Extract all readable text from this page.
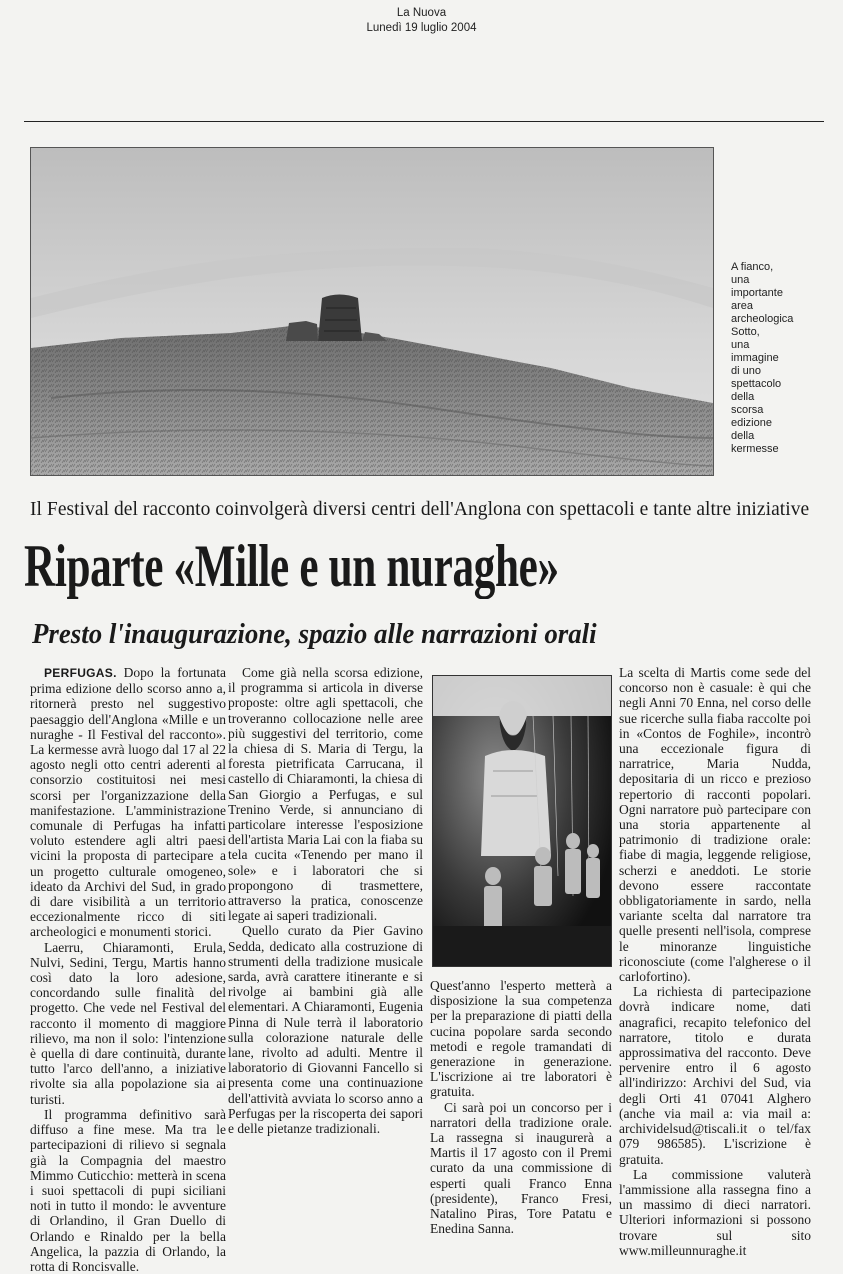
La Nuova
Lunedì 19 luglio 2004
A fianco,
una
importante
area
archeologica
Sotto,
una
immagine
di uno
spettacolo
della
scorsa
edizione
della
kermesse
Il Festival del racconto coinvolgerà diversi centri dell'Anglona con spettacoli e tante altre iniziative
Riparte «Mille e un nuraghe»
Presto l'inaugurazione, spazio alle narrazioni orali

PERFUGAS. Dopo la fortunata prima edizione dello scorso anno a, ritornerà presto nel suggestivo paesaggio dell'Anglona «Mille e un nuraghe - Il Festival del racconto». La kermesse avrà luogo dal 17 al 22 agosto negli otto centri aderenti al consorzio costituitosi nei mesi scorsi per l'organizzazione della manifestazione. L'amministrazione comunale di Perfugas ha infatti voluto estendere agli altri paesi vicini la proposta di partecipare a un progetto culturale omogeneo, ideato da Archivi del Sud, in grado di dare visibilità a un territorio eccezionalmente ricco di siti archeologici e monumenti storici.

Laerru, Chiaramonti, Erula, Nulvi, Sedini, Tergu, Martis hanno così dato la loro adesione, concordando sulle finalità del progetto. Che vede nel Festival del racconto il momento di maggiore rilievo, ma non il solo: l'intenzione è quella di dare continuità, durante tutto l'arco dell'anno, a iniziative rivolte sia alla popolazione sia ai turisti.

Il programma definitivo sarà diffuso a fine mese. Ma tra le partecipazioni di rilievo si segnala già la Compagnia del maestro Mimmo Cuticchio: metterà in scena i suoi spettacoli di pupi siciliani noti in tutto il mondo: le avventure di Orlandino, il Gran Duello di Orlando e Rinaldo per la bella Angelica, la pazzia di Orlando, la rotta di Roncisvalle.

Come già nella scorsa edizione, il programma si articola in diverse proposte: oltre agli spettacoli, che troveranno collocazione nelle aree più suggestivi del territorio, come la chiesa di S. Maria di Tergu, la foresta pietrificata Carrucana, il castello di Chiaramonti, la chiesa di San Giorgio a Perfugas, e sul Trenino Verde, si annunciano di particolare interesse l'esposizione dell'artista Maria Lai con la fiaba su tela cucita «Tenendo per mano il sole» e i laboratori che si propongono di trasmettere, attraverso la pratica, conoscenze legate ai saperi tradizionali.

Quello curato da Pier Gavino Sedda, dedicato alla costruzione di strumenti della tradizione musicale sarda, avrà carattere itinerante e si rivolge ai bambini già alle elementari. A Chiaramonti, Eugenia Pinna di Nule terrà il laboratorio sulla colorazione naturale delle lane, rivolto ad adulti. Mentre il laboratorio di Giovanni Fancello si presenta come una continuazione dell'attività avviata lo scorso anno a Perfugas per la riscoperta dei sapori e delle pietanze tradizionali.

Quest'anno l'esperto metterà a disposizione la sua competenza per la preparazione di piatti della cucina popolare sarda secondo metodi e regole tramandati di generazione in generazione. L'iscrizione ai tre laboratori è gratuita.

Ci sarà poi un concorso per i narratori della tradizione orale. La rassegna si inaugurerà a Martis il 17 agosto con il Premi curato da una commissione di esperti quali Franco Enna (presidente), Franco Fresi, Natalino Piras, Tore Patatu e Enedina Sanna.

La scelta di Martis come sede del concorso non è casuale: è qui che negli Anni 70 Enna, nel corso delle sue ricerche sulla fiaba raccolte poi in «Contos de Foghile», incontrò una eccezionale figura di narratrice, Maria Nudda, depositaria di un ricco e prezioso repertorio di racconti popolari. Ogni narratore può partecipare con una storia appartenente al patrimonio di tradizione orale: fiabe di magia, leggende religiose, scherzi e aneddoti. Le storie devono essere raccontate obbligatoriamente in sardo, nella variante scelta dal narratore tra quelle presenti nell'isola, comprese le minoranze linguistiche riconosciute (come l'algherese o il carlofortino).

La richiesta di partecipazione dovrà indicare nome, dati anagrafici, recapito telefonico del narratore, titolo e durata approssimativa del racconto. Deve pervenire entro il 6 agosto all'indirizzo: Archivi del Sud, via degli Orti 41 07041 Alghero (anche via mail a: via mail a: archividelsud@tiscali.it o tel/fax 079 986585). L'iscrizione è gratuita.

La commissione valuterà l'ammissione alla rassegna fino a un massimo di dieci narratori. Ulteriori informazioni si possono trovare sul sito www.milleunnuraghe.it
